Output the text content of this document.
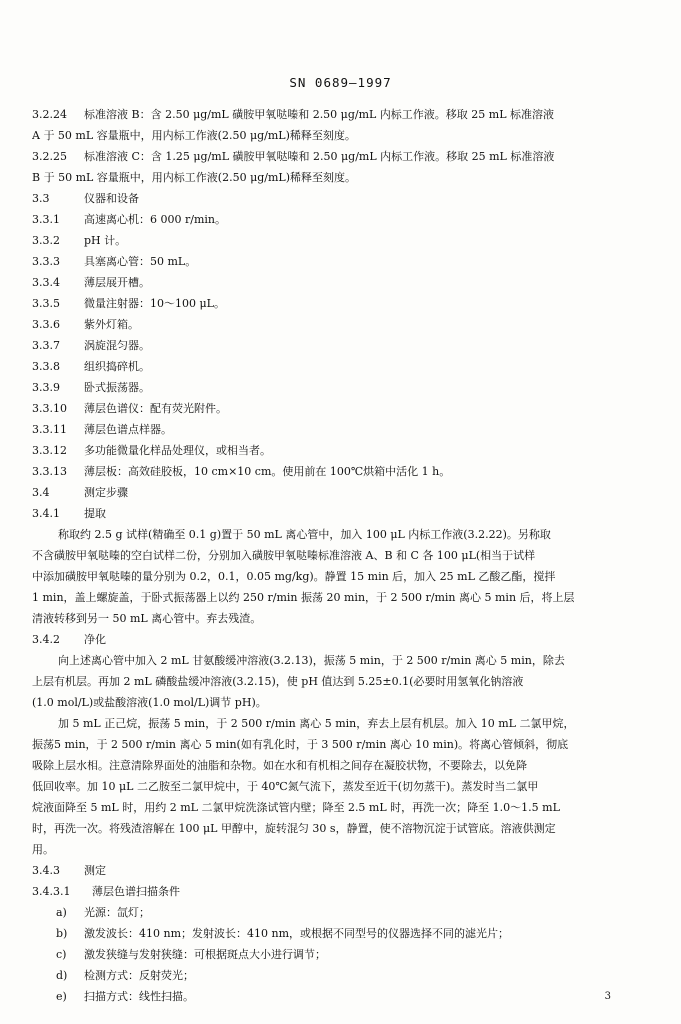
SN 0689—1997
3.2.24 标准溶液 B：含 2.50 μg/mL 磺胺甲氧哒嗪和 2.50 μg/mL 内标工作液。移取 25 mL 标准溶液
A 于 50 mL 容量瓶中，用内标工作液(2.50 μg/mL)稀释至刻度。
3.2.25 标准溶液 C：含 1.25 μg/mL 磺胺甲氧哒嗪和 2.50 μg/mL 内标工作液。移取 25 mL 标准溶液
B 于 50 mL 容量瓶中，用内标工作液(2.50 μg/mL)稀释至刻度。
3.3	仪器和设备
3.3.1 高速离心机：6 000 r/min。
3.3.2 pH 计。
3.3.3 具塞离心管：50 mL。
3.3.4 薄层展开槽。
3.3.5 微量注射器：10～100 μL。
3.3.6 紫外灯箱。
3.3.7 涡旋混匀器。
3.3.8 组织捣碎机。
3.3.9 卧式振荡器。
3.3.10 薄层色谱仪：配有荧光附件。
3.3.11 薄层色谱点样器。
3.3.12 多功能微量化样品处理仪，或相当者。
3.3.13 薄层板：高效硅胶板，10 cm×10 cm。使用前在 100℃烘箱中活化 1 h。
3.4	测定步骤
3.4.1 提取
称取约 2.5 g 试样(精确至 0.1 g)置于 50 mL 离心管中，加入 100 μL 内标工作液(3.2.22)。另称取
不含磺胺甲氧哒嗪的空白试样二份，分别加入磺胺甲氧哒嗪标准溶液 A、B 和 C 各 100 μL(相当于试样
中添加磺胺甲氧哒嗪的量分别为 0.2，0.1，0.05 mg/kg)。静置 15 min 后，加入 25 mL 乙酸乙酯，搅拌
1 min，盖上螺旋盖，于卧式振荡器上以约 250 r/min 振荡 20 min，于 2 500 r/min 离心 5 min 后，将上层
清液转移到另一 50 mL 离心管中。弃去残渣。
3.4.2 净化
向上述离心管中加入 2 mL 甘氨酸缓冲溶液(3.2.13)，振荡 5 min，于 2 500 r/min 离心 5 min，除去
上层有机层。再加 2 mL 磷酸盐缓冲溶液(3.2.15)，使 pH 值达到 5.25±0.1(必要时用氢氧化钠溶液
(1.0 mol/L)或盐酸溶液(1.0 mol/L)调节 pH)。
加 5 mL 正己烷，振荡 5 min，于 2 500 r/min 离心 5 min，弃去上层有机层。加入 10 mL 二氯甲烷，
振荡5 min，于 2 500 r/min 离心 5 min(如有乳化时，于 3 500 r/min 离心 10 min)。将离心管倾斜，彻底
吸除上层水相。注意清除界面处的油脂和杂物。如在水和有机相之间存在凝胶状物，不要除去，以免降
低回收率。加 10 μL 二乙胺至二氯甲烷中，于 40℃氮气流下，蒸发至近干(切勿蒸干)。蒸发时当二氯甲
烷液面降至 5 mL 时，用约 2 mL 二氯甲烷洗涤试管内壁；降至 2.5 mL 时，再洗一次；降至 1.0～1.5 mL
时，再洗一次。将残渣溶解在 100 μL 甲醇中，旋转混匀 30 s，静置，使不溶物沉淀于试管底。溶液供测定
用。
3.4.3 测定
3.4.3.1 薄层色谱扫描条件
a) 光源：氙灯；
b) 激发波长：410 nm；发射波长：410 nm，或根据不同型号的仪器选择不同的滤光片；
c) 激发狭缝与发射狭缝：可根据斑点大小进行调节；
d) 检测方式：反射荧光；
e) 扫描方式：线性扫描。	3
